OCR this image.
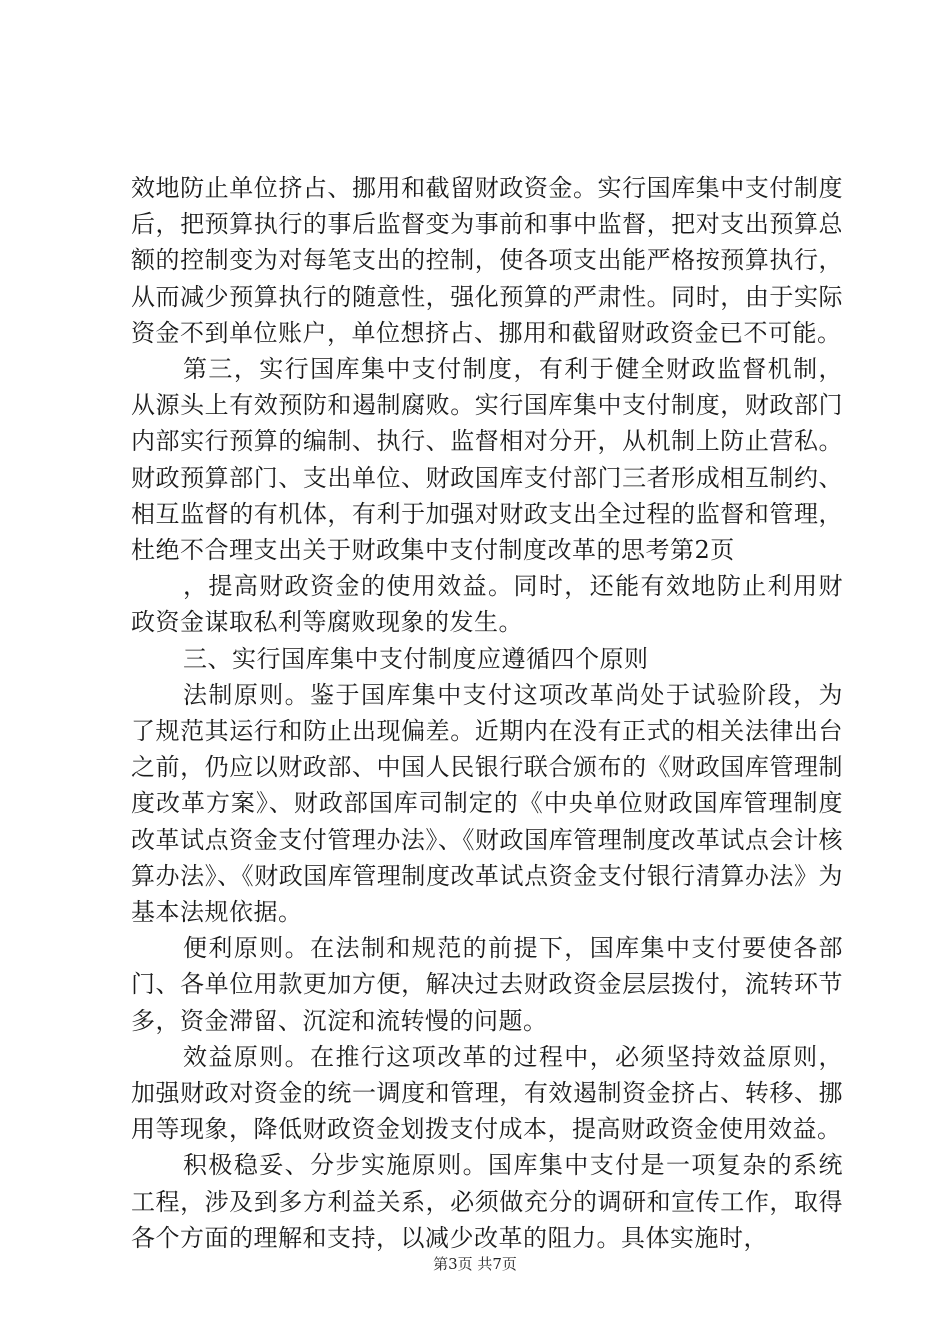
效地防止单位挤占、挪用和截留财政资金。实行国库集中支付制度后，把预算执行的事后监督变为事前和事中监督，把对支出预算总额的控制变为对每笔支出的控制，使各项支出能严格按预算执行，从而减少预算执行的随意性，强化预算的严肃性。同时，由于实际资金不到单位账户，单位想挤占、挪用和截留财政资金已不可能。

第三，实行国库集中支付制度，有利于健全财政监督机制，从源头上有效预防和遏制腐败。实行国库集中支付制度，财政部门内部实行预算的编制、执行、监督相对分开，从机制上防止营私。财政预算部门、支出单位、财政国库支付部门三者形成相互制约、相互监督的有机体，有利于加强对财政支出全过程的监督和管理，杜绝不合理支出关于财政集中支付制度改革的思考第2页

，提高财政资金的使用效益。同时，还能有效地防止利用财政资金谋取私利等腐败现象的发生。

三、实行国库集中支付制度应遵循四个原则

法制原则。鉴于国库集中支付这项改革尚处于试验阶段，为了规范其运行和防止出现偏差。近期内在没有正式的相关法律出台之前，仍应以财政部、中国人民银行联合颁布的《财政国库管理制度改革方案》、财政部国库司制定的《中央单位财政国库管理制度改革试点资金支付管理办法》、《财政国库管理制度改革试点会计核算办法》、《财政国库管理制度改革试点资金支付银行清算办法》为基本法规依据。

便利原则。在法制和规范的前提下，国库集中支付要使各部门、各单位用款更加方便，解决过去财政资金层层拨付，流转环节多，资金滞留、沉淀和流转慢的问题。

效益原则。在推行这项改革的过程中，必须坚持效益原则，加强财政对资金的统一调度和管理，有效遏制资金挤占、转移、挪用等现象，降低财政资金划拨支付成本，提高财政资金使用效益。

积极稳妥、分步实施原则。国库集中支付是一项复杂的系统工程，涉及到多方利益关系，必须做充分的调研和宣传工作，取得各个方面的理解和支持，以减少改革的阻力。具体实施时，

第3页 共7页
